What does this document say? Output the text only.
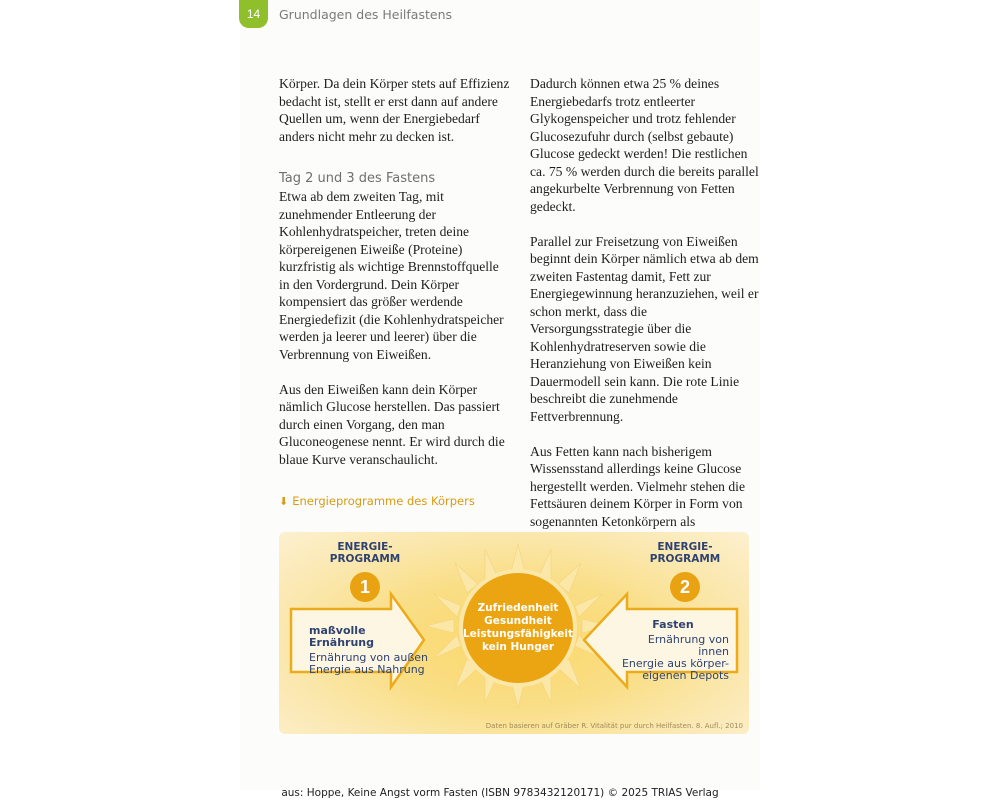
14 Grundlagen des Heilfastens

Körper. Da dein Körper stets auf Effizienz bedacht ist, stellt er erst dann auf andere Quellen um, wenn der Energiebedarf anders nicht mehr zu decken ist.

Tag 2 und 3 des Fastens

Etwa ab dem zweiten Tag, mit zunehmender Entleerung der Kohlenhydratspeicher, treten deine körpereigenen Eiweiße (Proteine) kurzfristig als wichtige Brennstoffquelle in den Vordergrund. Dein Körper kompensiert das größer werdende Energiedefizit (die Kohlenhydratspeicher werden ja leerer und leerer) über die Verbrennung von Eiweißen.

Aus den Eiweißen kann dein Körper nämlich Glucose herstellen. Das passiert durch einen Vorgang, den man Gluconeogenese nennt. Er wird durch die blaue Kurve veranschaulicht.

Dadurch können etwa 25 % deines Energiebedarfs trotz entleerter Glykogenspeicher und trotz fehlender Glucosezufuhr durch (selbst gebaute) Glucose gedeckt werden! Die restlichen ca. 75 % werden durch die bereits parallel angekurbelte Verbrennung von Fetten gedeckt.

Parallel zur Freisetzung von Eiweißen beginnt dein Körper nämlich etwa ab dem zweiten Fastentag damit, Fett zur Energiegewinnung heranzuziehen, weil er schon merkt, dass die Versorgungsstrategie über die Kohlenhydratreserven sowie die Heranziehung von Eiweißen kein Dauermodell sein kann. Die rote Linie beschreibt die zunehmende Fettverbrennung.

Aus Fetten kann nach bisherigem Wissensstand allerdings keine Glucose hergestellt werden. Vielmehr stehen die Fettsäuren deinem Körper in Form von sogenannten Ketonkörpern als

⬇ Energieprogramme des Körpers
ENERGIE-
PROGRAMM
1
ENERGIE-
PROGRAMM
2
maßvolle Ernährung
Ernährung von außen
Energie aus Nahrung
Fasten
Ernährung von innen
Energie aus körper-
eigenen Depots
Zufriedenheit
Gesundheit
Leistungsfähigkeit
kein Hunger
Daten basieren auf Gräber R. Vitalität pur durch Heilfasten. 8. Aufl.; 2010
aus: Hoppe, Keine Angst vorm Fasten (ISBN 9783432120171) © 2025 TRIAS Verlag
